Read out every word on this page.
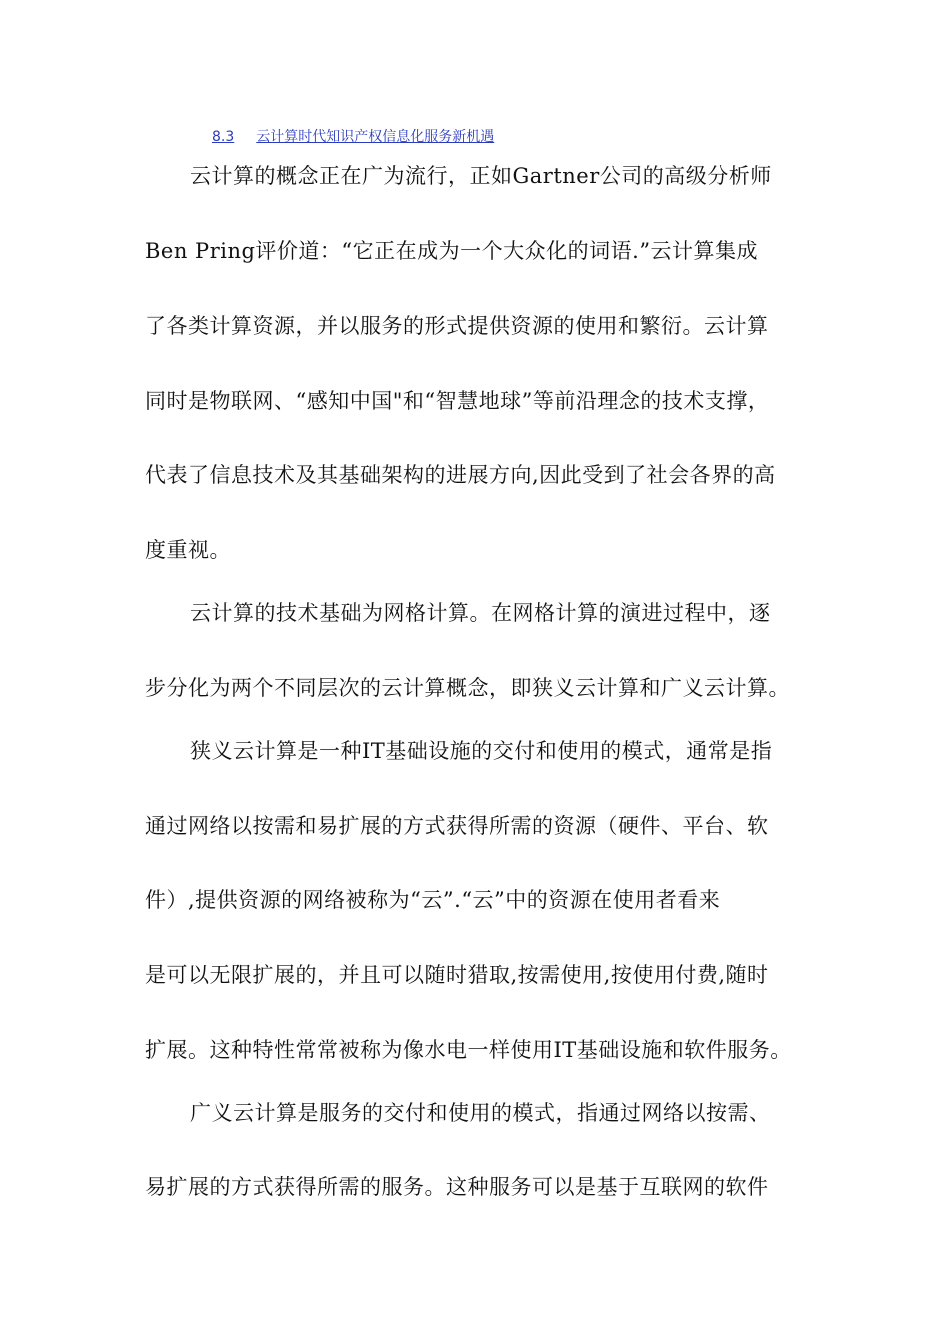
8.3 云计算时代知识产权信息化服务新机遇
云计算的概念正在广为流行，正如Gartner公司的高级分析师
Ben Pring评价道：“它正在成为一个大众化的词语.”云计算集成
了各类计算资源，并以服务的形式提供资源的使用和繁衍。云计算
同时是物联网、“感知中国"和“智慧地球”等前沿理念的技术支撑，
代表了信息技术及其基础架构的进展方向,因此受到了社会各界的高
度重视。
云计算的技术基础为网格计算。在网格计算的演进过程中，逐
步分化为两个不同层次的云计算概念，即狭义云计算和广义云计算。
狭义云计算是一种IT基础设施的交付和使用的模式，通常是指
通过网络以按需和易扩展的方式获得所需的资源（硬件、平台、软
件）,提供资源的网络被称为“云”.“云”中的资源在使用者看来
是可以无限扩展的，并且可以随时猎取,按需使用,按使用付费,随时
扩展。这种特性常常被称为像水电一样使用IT基础设施和软件服务。
广义云计算是服务的交付和使用的模式，指通过网络以按需、
易扩展的方式获得所需的服务。这种服务可以是基于互联网的软件
